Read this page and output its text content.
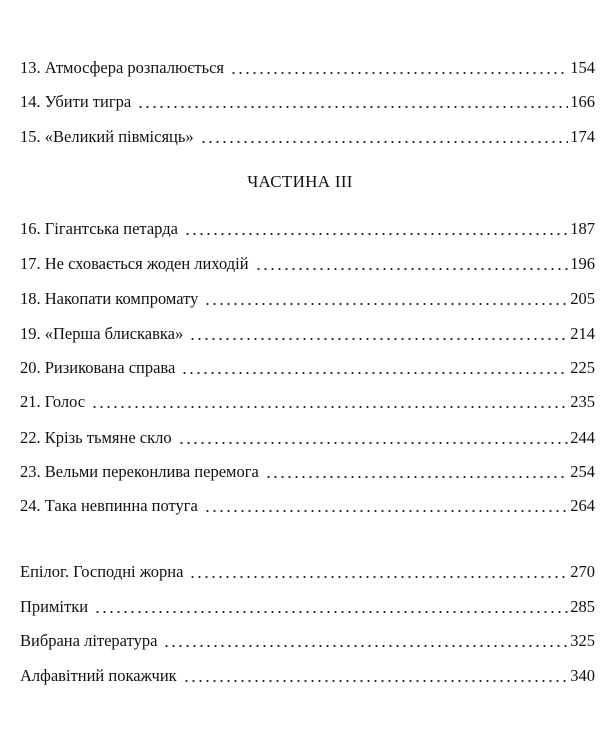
13. Атмосфера розпалюється	154
14. Убити тигра	166
15. «Великий півмісяць»	174
ЧАСТИНА III
16. Гігантська петарда	187
17. Не сховається жоден лиходій	196
18. Накопати компромату	205
19. «Перша блискавка»	214
20. Ризикована справа	225
21. Голос	235
22. Крізь тьмяне скло	244
23. Вельми переконлива перемога	254
24. Така невпинна потуга	264
Епілог. Господні жорна	270
Примітки	285
Вибрана література	325
Алфавітний покажчик	340
